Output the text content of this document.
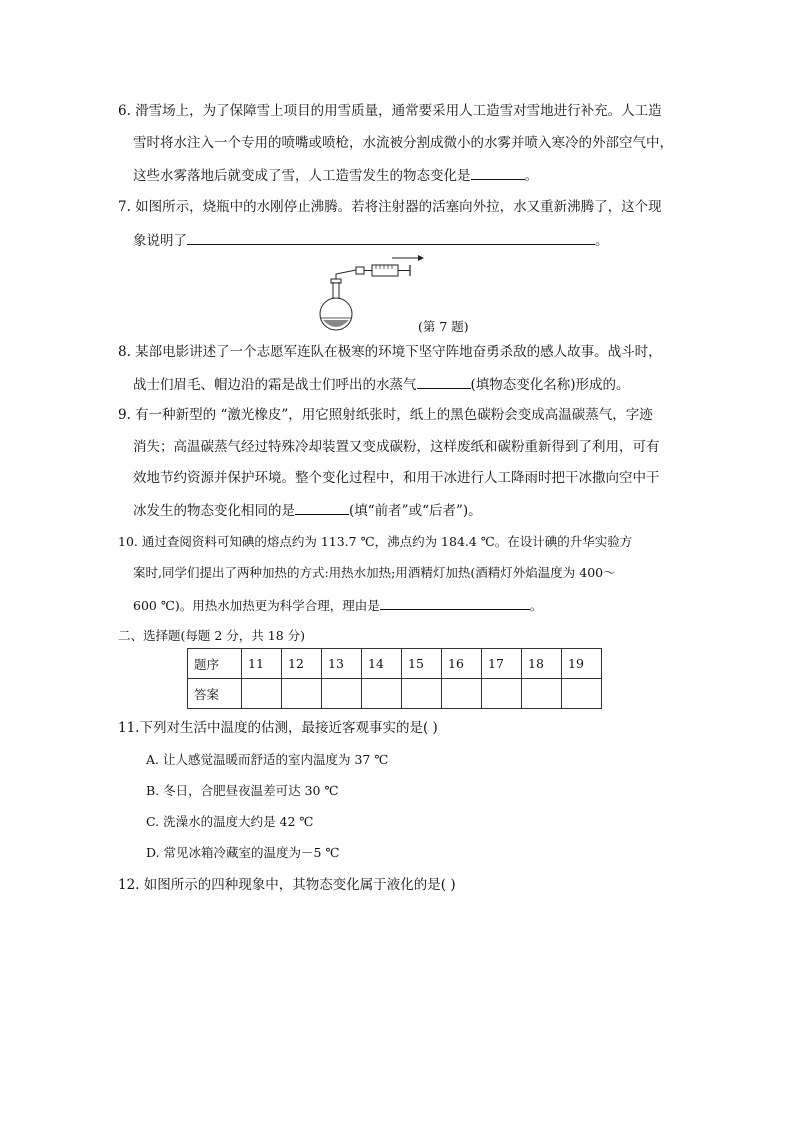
6. 滑雪场上，为了保障雪上项目的用雪质量，通常要采用人工造雪对雪地进行补充。人工造
雪时将水注入一个专用的喷嘴或喷枪，水流被分割成微小的水雾并喷入寒冷的外部空气中，
这些水雾落地后就变成了雪，人工造雪发生的物态变化是	。
7. 如图所示，烧瓶中的水刚停止沸腾。若将注射器的活塞向外拉，水又重新沸腾了，这个现
象说明了	。
(第 7 题)
8. 某部电影讲述了一个志愿军连队在极寒的环境下坚守阵地奋勇杀敌的感人故事。战斗时，
战士们眉毛、帽边沿的霜是战士们呼出的水蒸气	(填物态变化名称)形成的。
9. 有一种新型的 “激光橡皮”，用它照射纸张时，纸上的黑色碳粉会变成高温碳蒸气，字迹
消失；高温碳蒸气经过特殊冷却装置又变成碳粉，这样废纸和碳粉重新得到了利用，可有
效地节约资源并保护环境。整个变化过程中，和用干冰进行人工降雨时把干冰撒向空中干
冰发生的物态变化相同的是	(填“前者”或“后者”)。
10. 通过查阅资料可知碘的熔点约为 113.7 ℃，沸点约为 184.4 ℃。在设计碘的升华实验方
案时,同学们提出了两种加热的方式:用热水加热;用酒精灯加热(酒精灯外焰温度为 400～
600 ℃)。用热水加热更为科学合理，理由是	。
二、选择题(每题 2 分，共 18 分)
题序	11	12	13	14	15	16	17	18	19
答案									
11.下列对生活中温度的估测，最接近客观事实的是( )
A. 让人感觉温暖而舒适的室内温度为 37 ℃
B. 冬日，合肥昼夜温差可达 30 ℃
C. 洗澡水的温度大约是 42 ℃
D. 常见冰箱冷藏室的温度为－5 ℃
12. 如图所示的四种现象中，其物态变化属于液化的是( )
